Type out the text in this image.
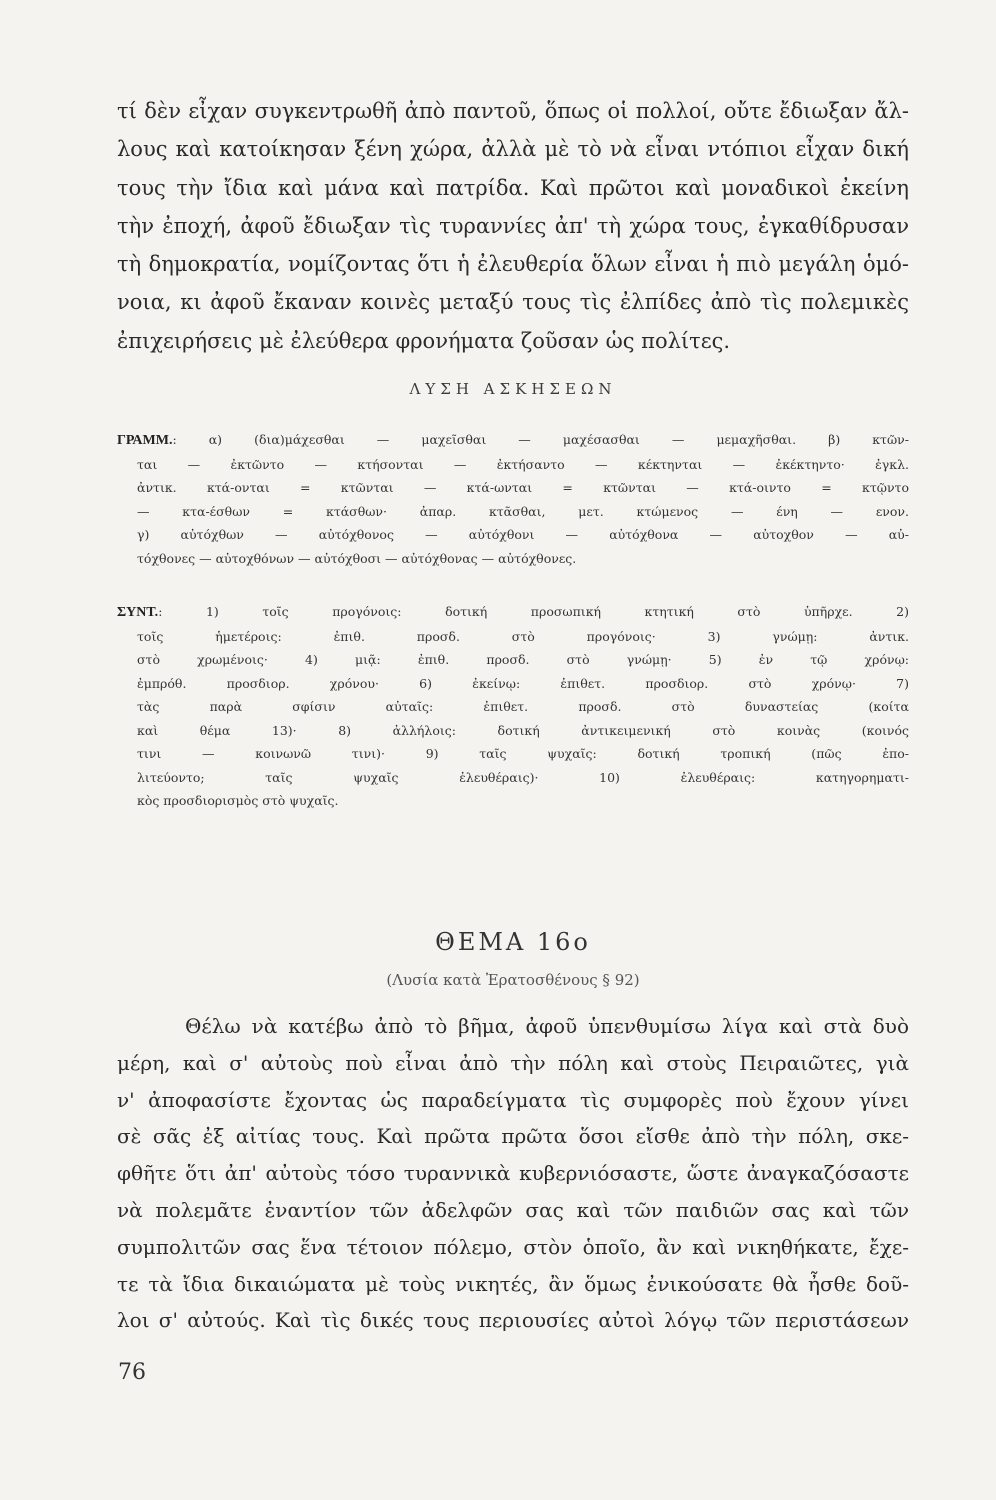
τί δὲν εἶχαν συγκεντρωθῆ ἀπὸ παντοῦ, ὅπως οἱ πολλοί, οὔτε ἔδιωξαν ἄλ-
λους καὶ κατοίκησαν ξένη χώρα, ἀλλὰ μὲ τὸ νὰ εἶναι ντόπιοι εἶχαν δική
τους τὴν ἴδια καὶ μάνα καὶ πατρίδα. Καὶ πρῶτοι καὶ μοναδικοὶ ἐκείνη
τὴν ἐποχή, ἀφοῦ ἔδιωξαν τὶς τυραννίες ἀπ' τὴ χώρα τους, ἐγκαθίδρυσαν
τὴ δημοκρατία, νομίζοντας ὅτι ἡ ἐλευθερία ὅλων εἶναι ἡ πιὸ μεγάλη ὁμό-
νοια, κι ἀφοῦ ἔκαναν κοινὲς μεταξύ τους τὶς ἐλπίδες ἀπὸ τὶς πολεμικὲς
ἐπιχειρήσεις μὲ ἐλεύθερα φρονήματα ζοῦσαν ὡς πολίτες.
ΛΥΣΗ ΑΣΚΗΣΕΩΝ
ΓΡΑΜΜ.: α) (δια)μάχεσθαι — μαχεῖσθαι — μαχέσασθαι — μεμαχῆσθαι. β) κτῶν-
ται — ἐκτῶντο — κτήσονται — ἐκτήσαντο — κέκτηνται — ἐκέκτηντο· ἐγκλ.
ἀντικ. κτά-ονται = κτῶνται — κτά-ωνται = κτῶνται — κτά-οιντο = κτῷντο
— κτα-έσθων = κτάσθων· ἀπαρ. κτᾶσθαι, μετ. κτώμενος — ένη — ενον.
γ) αὐτόχθων — αὐτόχθονος — αὐτόχθονι — αὐτόχθονα — αὐτοχθον — αὐ-
τόχθονες — αὐτοχθόνων — αὐτόχθοσι — αὐτόχθονας — αὐτόχθονες.
ΣΥΝΤ.: 1) τοῖς προγόνοις: δοτική προσωπική κτητική στὸ ὑπῆρχε. 2)
τοῖς ἡμετέροις: ἐπιθ. προσδ. στὸ προγόνοις· 3) γνώμῃ: ἀντικ.
στὸ χρωμένοις· 4) μιᾷ: ἐπιθ. προσδ. στὸ γνώμῃ· 5) ἐν τῷ χρόνῳ:
ἐμπρόθ. προσδιορ. χρόνου· 6) ἐκείνῳ: ἐπιθετ. προσδιορ. στὸ χρόνῳ· 7)
τὰς παρὰ σφίσιν αὐταῖς: ἐπιθετ. προσδ. στὸ δυναστείας (κοίτα
καὶ θέμα 13)· 8) ἀλλήλοις: δοτική ἀντικειμενική στὸ κοινὰς (κοινός
τινι — κοινωνῶ τινι)· 9) ταῖς ψυχαῖς: δοτική τροπική (πῶς ἐπο-
λιτεύοντο; ταῖς ψυχαῖς ἐλευθέραις)· 10) ἐλευθέραις: κατηγορηματι-
κὸς προσδιορισμὸς στὸ ψυχαῖς.
ΘΕΜΑ 16ο
(Λυσία κατὰ Ἐρατοσθένους § 92)
Θέλω νὰ κατέβω ἀπὸ τὸ βῆμα, ἀφοῦ ὑπενθυμίσω λίγα καὶ στὰ δυὸ
μέρη, καὶ σ' αὐτοὺς ποὺ εἶναι ἀπὸ τὴν πόλη καὶ στοὺς Πειραιῶτες, γιὰ
ν' ἀποφασίστε ἔχοντας ὡς παραδείγματα τὶς συμφορὲς ποὺ ἔχουν γίνει
σὲ σᾶς ἐξ αἰτίας τους. Καὶ πρῶτα πρῶτα ὅσοι εἴσθε ἀπὸ τὴν πόλη, σκε-
φθῆτε ὅτι ἀπ' αὐτοὺς τόσο τυραννικὰ κυβερνιόσαστε, ὥστε ἀναγκαζόσαστε
νὰ πολεμᾶτε ἐναντίον τῶν ἀδελφῶν σας καὶ τῶν παιδιῶν σας καὶ τῶν
συμπολιτῶν σας ἕνα τέτοιον πόλεμο, στὸν ὁποῖο, ἂν καὶ νικηθήκατε, ἔχε-
τε τὰ ἴδια δικαιώματα μὲ τοὺς νικητές, ἂν ὅμως ἐνικούσατε θὰ ἦσθε δοῦ-
λοι σ' αὐτούς. Καὶ τὶς δικές τους περιουσίες αὐτοὶ λόγῳ τῶν περιστάσεων
76
